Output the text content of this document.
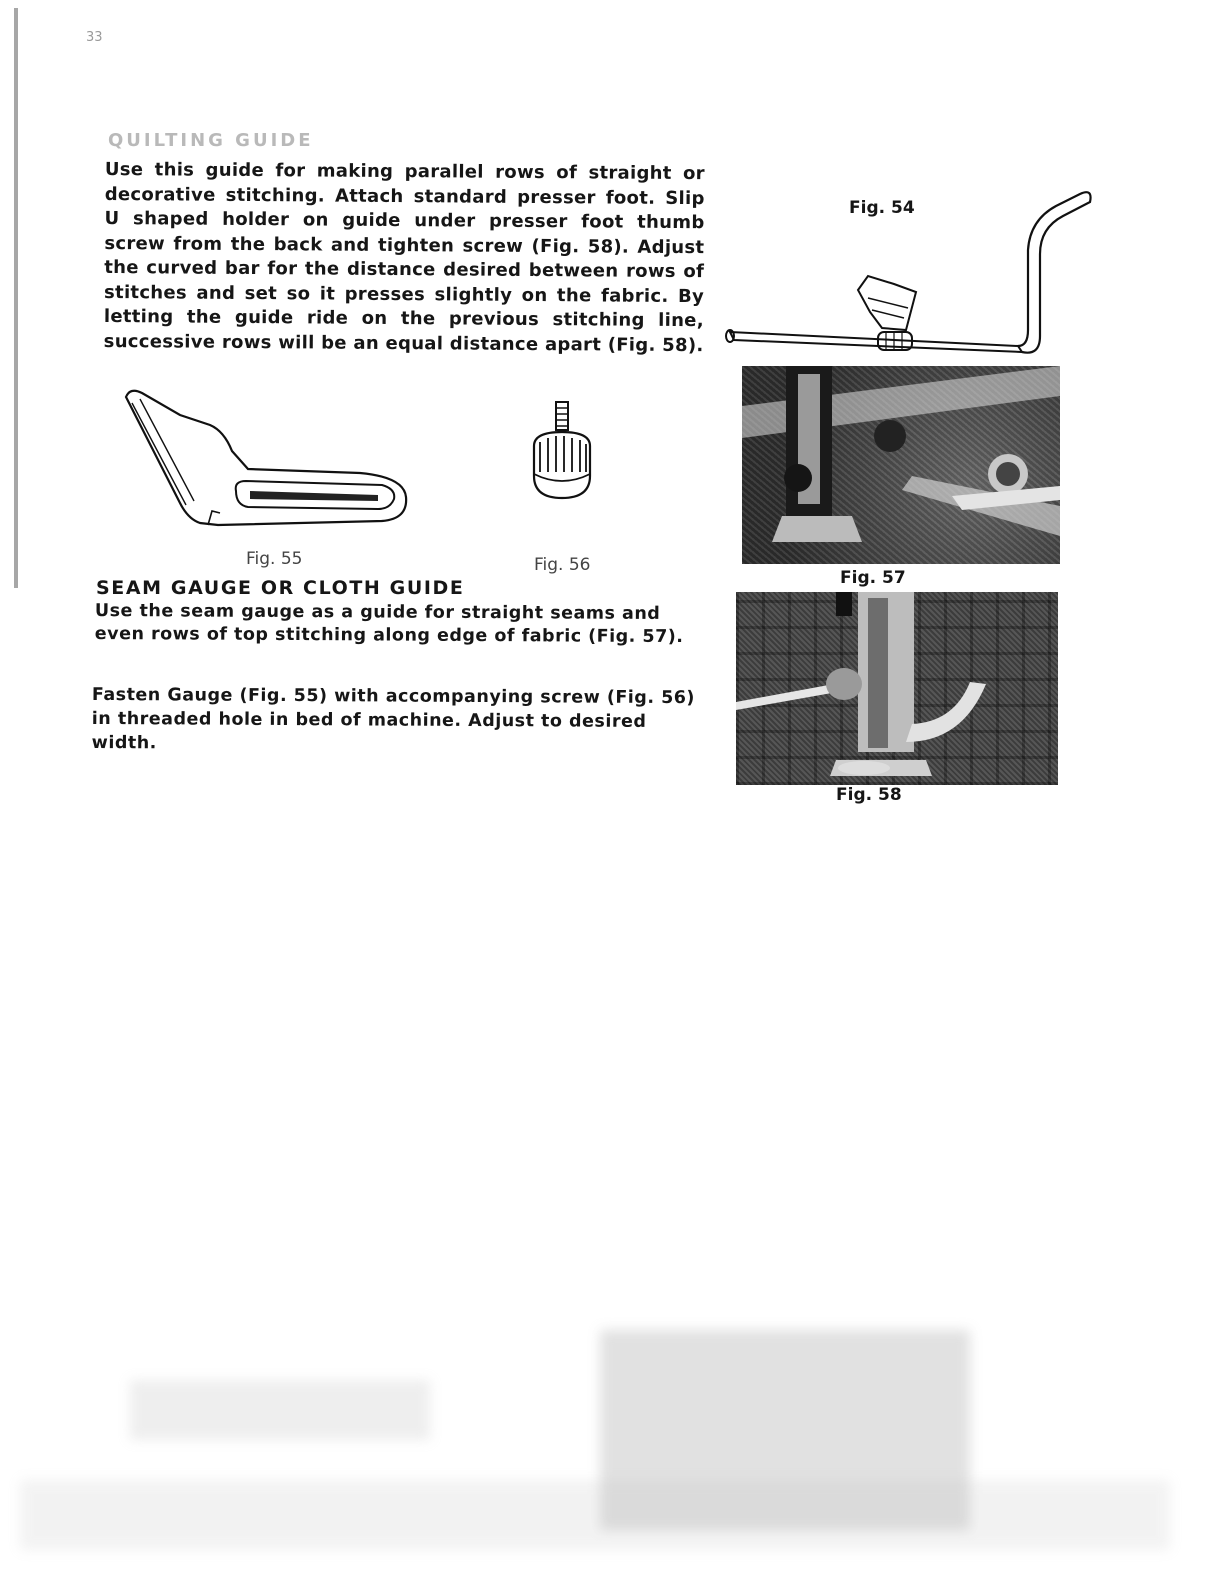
33
QUILTING GUIDE
Use this guide for making parallel rows of straight or decorative stitching. Attach standard presser foot. Slip U shaped holder on guide under presser foot thumb screw from the back and tighten screw (Fig. 58). Adjust the curved bar for the distance desired between rows of stitches and set so it presses slightly on the fabric. By letting the guide ride on the previous stitching line, successive rows will be an equal distance apart (Fig. 58).
Fig. 54
Fig. 55	Fig. 56
Fig. 57
Fig. 58
SEAM GAUGE OR CLOTH GUIDE
Use the seam gauge as a guide for straight seams and even rows of top stitching along edge of fabric (Fig. 57).
Fasten Gauge (Fig. 55) with accompanying screw (Fig. 56) in threaded hole in bed of machine. Adjust to desired width.
